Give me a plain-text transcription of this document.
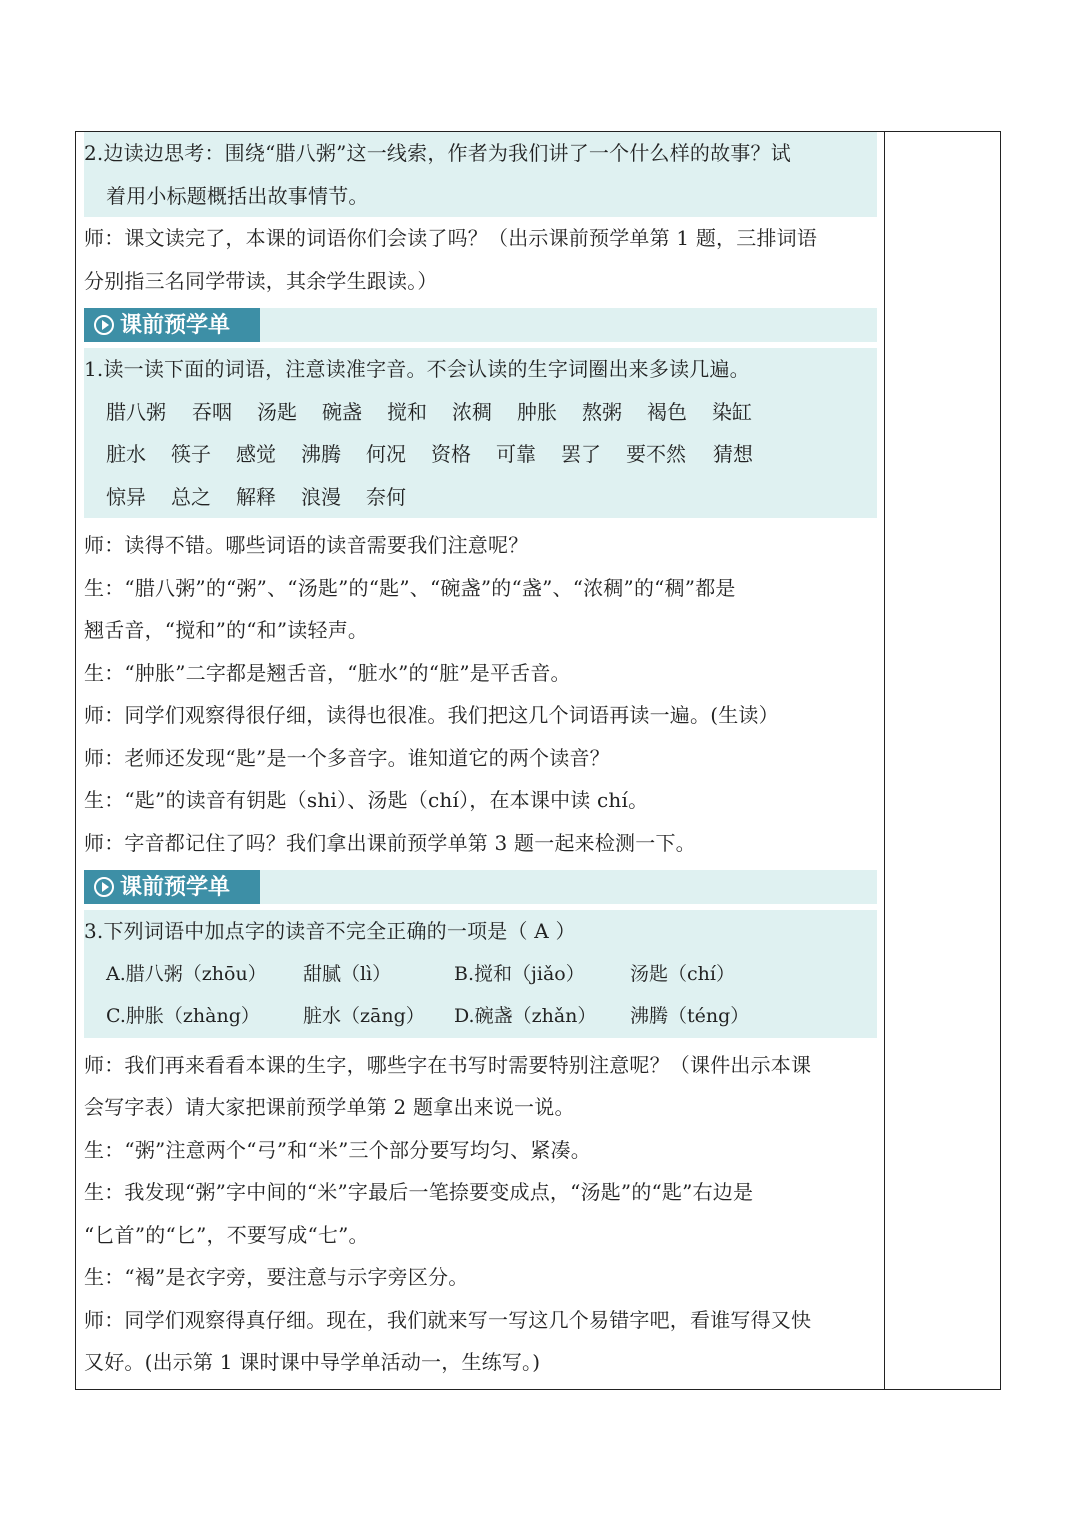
2.边读边思考：围绕“腊八粥”这一线索，作者为我们讲了一个什么样的故事？试
着用小标题概括出故事情节。
师：课文读完了，本课的词语你们会读了吗？（出示课前预学单第 1 题，三排词语
分别指三名同学带读，其余学生跟读。）
课前预学单
1.读一读下面的词语，注意读准字音。不会认读的生字词圈出来多读几遍。
腊八粥	吞咽	汤匙	碗盏	搅和	浓稠	肿胀	熬粥	褐色	染缸
脏水	筷子	感觉	沸腾	何况	资格	可靠	罢了	要不然	猜想
惊异	总之	解释	浪漫	奈何
师：读得不错。哪些词语的读音需要我们注意呢？
生：“腊八粥”的“粥”、“汤匙”的“匙”、“碗盏”的“盏”、“浓稠”的“稠”都是
翘舌音，“搅和”的“和”读轻声。
生：“肿胀”二字都是翘舌音，“脏水”的“脏”是平舌音。
师：同学们观察得很仔细，读得也很准。我们把这几个词语再读一遍。(生读）
师：老师还发现“匙”是一个多音字。谁知道它的两个读音？
生：“匙”的读音有钥匙（shi）、汤匙（chí），在本课中读 chí。
师：字音都记住了吗？我们拿出课前预学单第 3 题一起来检测一下。
课前预学单
3.下列词语中加点字的读音不完全正确的一项是（ A ）
A.腊八粥（zhōu）	甜腻（lì）	B.搅和（jiǎo）	汤匙（chí）
C.肿胀（zhàng）	脏水（zāng）	D.碗盏（zhǎn）	沸腾（téng）
师：我们再来看看本课的生字，哪些字在书写时需要特别注意呢？（课件出示本课
会写字表）请大家把课前预学单第 2 题拿出来说一说。
生：“粥”注意两个“弓”和“米”三个部分要写均匀、紧凑。
生：我发现“粥”字中间的“米”字最后一笔捺要变成点，“汤匙”的“匙”右边是
“匕首”的“匕”，不要写成“七”。
生：“褐”是衣字旁，要注意与示字旁区分。
师：同学们观察得真仔细。现在，我们就来写一写这几个易错字吧，看谁写得又快
又好。(出示第 1 课时课中导学单活动一，生练写。)
